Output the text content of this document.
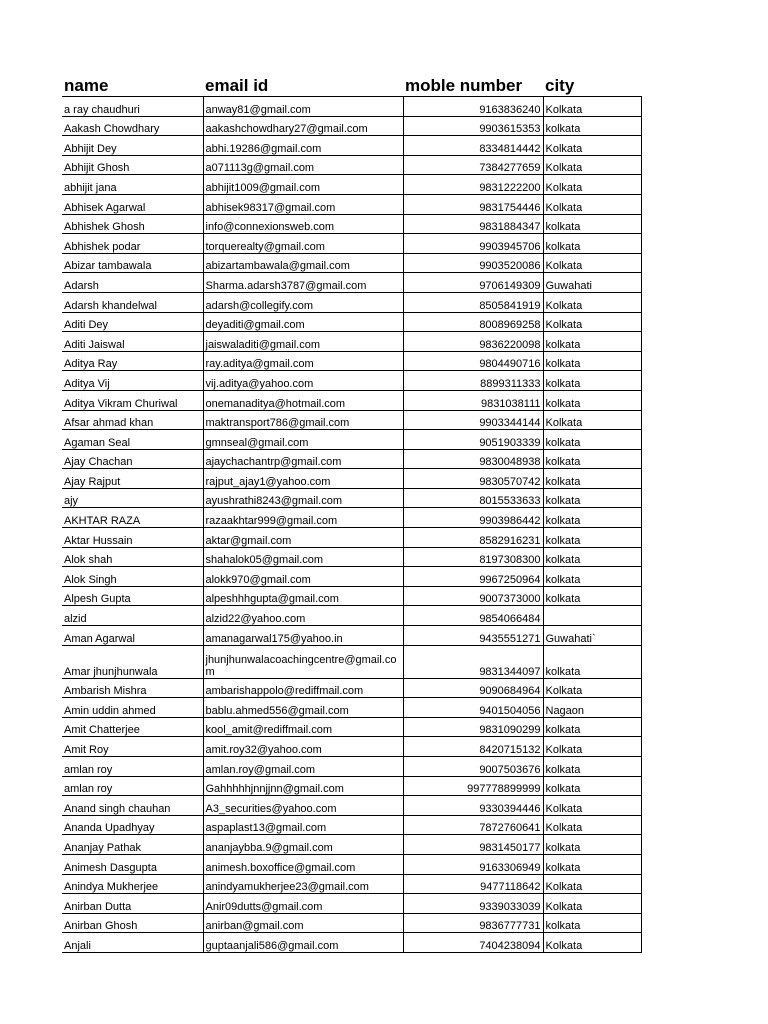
name	email id	moble number	city
a ray chaudhuri	anway81@gmail.com	9163836240	Kolkata
Aakash Chowdhary	aakashchowdhary27@gmail.com	9903615353	kolkata
Abhijit Dey	abhi.19286@gmail.com	8334814442	Kolkata
Abhijit Ghosh	a071113g@gmail.com	7384277659	Kolkata
abhijit jana	abhijit1009@gmail.com	9831222200	Kolkata
Abhisek Agarwal	abhisek98317@gmail.com	9831754446	Kolkata
Abhishek Ghosh	info@connexionsweb.com	9831884347	kolkata
Abhishek podar	torquerealty@gmail.com	9903945706	kolkata
Abizar tambawala	abizartambawala@gmail.com	9903520086	Kolkata
Adarsh	Sharma.adarsh3787@gmail.com	9706149309	Guwahati
Adarsh khandelwal	adarsh@collegify.com	8505841919	Kolkata
Aditi Dey	deyaditi@gmail.com	8008969258	Kolkata
Aditi Jaiswal	jaiswaladiti@gmail.com	9836220098	kolkata
Aditya Ray	ray.aditya@gmail.com	9804490716	kolkata
Aditya Vij	vij.aditya@yahoo.com	8899311333	kolkata
Aditya Vikram Churiwal	onemanaditya@hotmail.com	9831038111	kolkata
Afsar ahmad khan	maktransport786@gmail.com	9903344144	Kolkata
Agaman Seal	gmnseal@gmail.com	9051903339	kolkata
Ajay Chachan	ajaychachantrp@gmail.com	9830048938	kolkata
Ajay Rajput	rajput_ajay1@yahoo.com	9830570742	kolkata
ajy	ayushrathi8243@gmail.com	8015533633	kolkata
AKHTAR RAZA	razaakhtar999@gmail.com	9903986442	kolkata
Aktar Hussain	aktar@gmail.com	8582916231	kolkata
Alok shah	shahalok05@gmail.com	8197308300	kolkata
Alok Singh	alokk970@gmail.com	9967250964	kolkata
Alpesh Gupta	alpeshhhgupta@gmail.com	9007373000	kolkata
alzid	alzid22@yahoo.com	9854066484	
Aman Agarwal	amanagarwal175@yahoo.in	9435551271	Guwahati`
Amar jhunjhunwala	jhunjhunwalacoachingcentre@gmail.com	9831344097	kolkata
Ambarish Mishra	ambarishappolo@rediffmail.com	9090684964	Kolkata
Amin uddin ahmed	bablu.ahmed556@gmail.com	9401504056	Nagaon
Amit Chatterjee	kool_amit@rediffmail.com	9831090299	kolkata
Amit Roy	amit.roy32@yahoo.com	8420715132	Kolkata
amlan roy	amlan.roy@gmail.com	9007503676	kolkata
amlan roy	Gahhhhhjnnjjnn@gmail.com	997778899999	kolkata
Anand singh chauhan	A3_securities@yahoo.com	9330394446	Kolkata
Ananda Upadhyay	aspaplast13@gmail.com	7872760641	Kolkata
Ananjay Pathak	ananjaybba.9@gmail.com	9831450177	kolkata
Animesh Dasgupta	animesh.boxoffice@gmail.com	9163306949	kolkata
Anindya Mukherjee	anindyamukherjee23@gmail.com	9477118642	Kolkata
Anirban Dutta	Anir09dutts@gmail.com	9339033039	Kolkata
Anirban Ghosh	anirban@gmail.com	9836777731	kolkata
Anjali	guptaanjali586@gmail.com	7404238094	Kolkata
